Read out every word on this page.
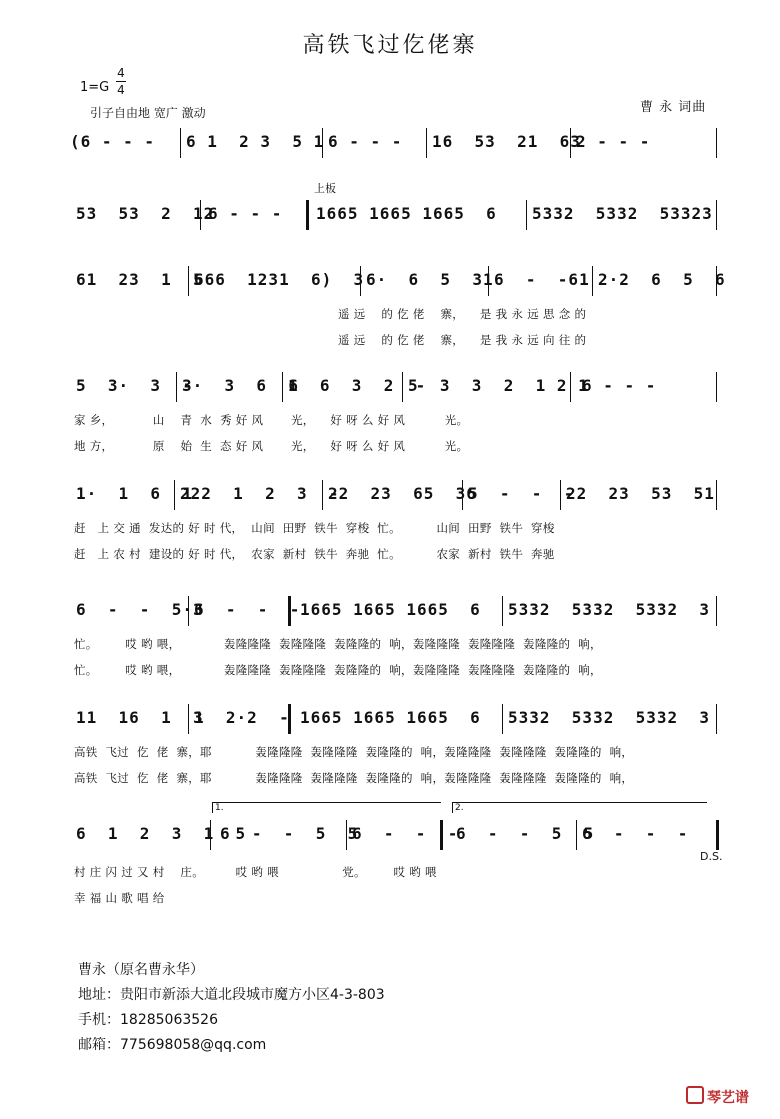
高铁飞过仡佬寨
1=G
4
4
引子自由地 宽广 激动	曹 永 词曲
上板
(6 - - - 6 1  2 3  5 1 6 - - - 16  53  21  63
2 - - -
53  53  2  12
6 - - - 1665 1665 1665  6 5332  5332  53323
61  23  1  5
666  1231  6)  3 6·  6  5  31 6  -  -61 2·2  6  5  6
遥 远    的 仡 佬    寨，    是 我 永 远 思 念 的
遥 远    的 仡 佬    寨，    是 我 永 远 向 往 的
5  3·  3  -
3·  3  6  6
1  6  3  2  -
5  3  3  2  1 2 1
6 - - -
家 乡，          山    青  水  秀 好 风       光，    好 呀 么 好 风          光。
地 方，          原    始  生  态 好 风       光，    好 呀 么 好 风          光。
1·  1  6  1
222  1  2  3  -
22  23  65  36
5  -  -  -
22  23  53  51
赶   上 交 通  发达的 好 时 代，  山间  田野  铁牛  穿梭  忙。         山间  田野  铁牛  穿梭
赶   上 农 村  建设的 好 时 代，  农家  新村  铁牛  奔驰  忙。         农家  新村  铁牛  奔驰
6  -  -  5·3
6  -  -  - 1665 1665 1665  6 5332  5332  5332  3
忙。       哎 哟 喂，           轰隆隆隆  轰隆隆隆  轰隆隆的  响，轰隆隆隆  轰隆隆隆  轰隆隆的  响，
忙。       哎 哟 喂，           轰隆隆隆  轰隆隆隆  轰隆隆的  响，轰隆隆隆  轰隆隆隆  轰隆隆的  响，
11  16  1  3
1  2·2  - 1665 1665 1665  6 5332  5332  5332  3
高铁  飞过  仡  佬  寨，耶           轰隆隆隆  轰隆隆隆  轰隆隆的  响，轰隆隆隆  轰隆隆隆  轰隆隆的  响，
高铁  飞过  仡  佬  寨，耶           轰隆隆隆  轰隆隆隆  轰隆隆的  响，轰隆隆隆  轰隆隆隆  轰隆隆的  响，
1.	2.
6  1  2  3  1  5
6  -  -  5  5
6  -  -  -
6  -  -  5  5
6  -  -  -
村 庄 闪 过 又 村    庄。        哎 哟 喂                党。       哎 哟 喂
幸 福 山 歌 唱 给
D.S.
曹永（原名曹永华）
地址：贵阳市新添大道北段城市魔方小区4-3-803
手机：18285063526
邮箱：775698058@qq.com
琴艺谱
